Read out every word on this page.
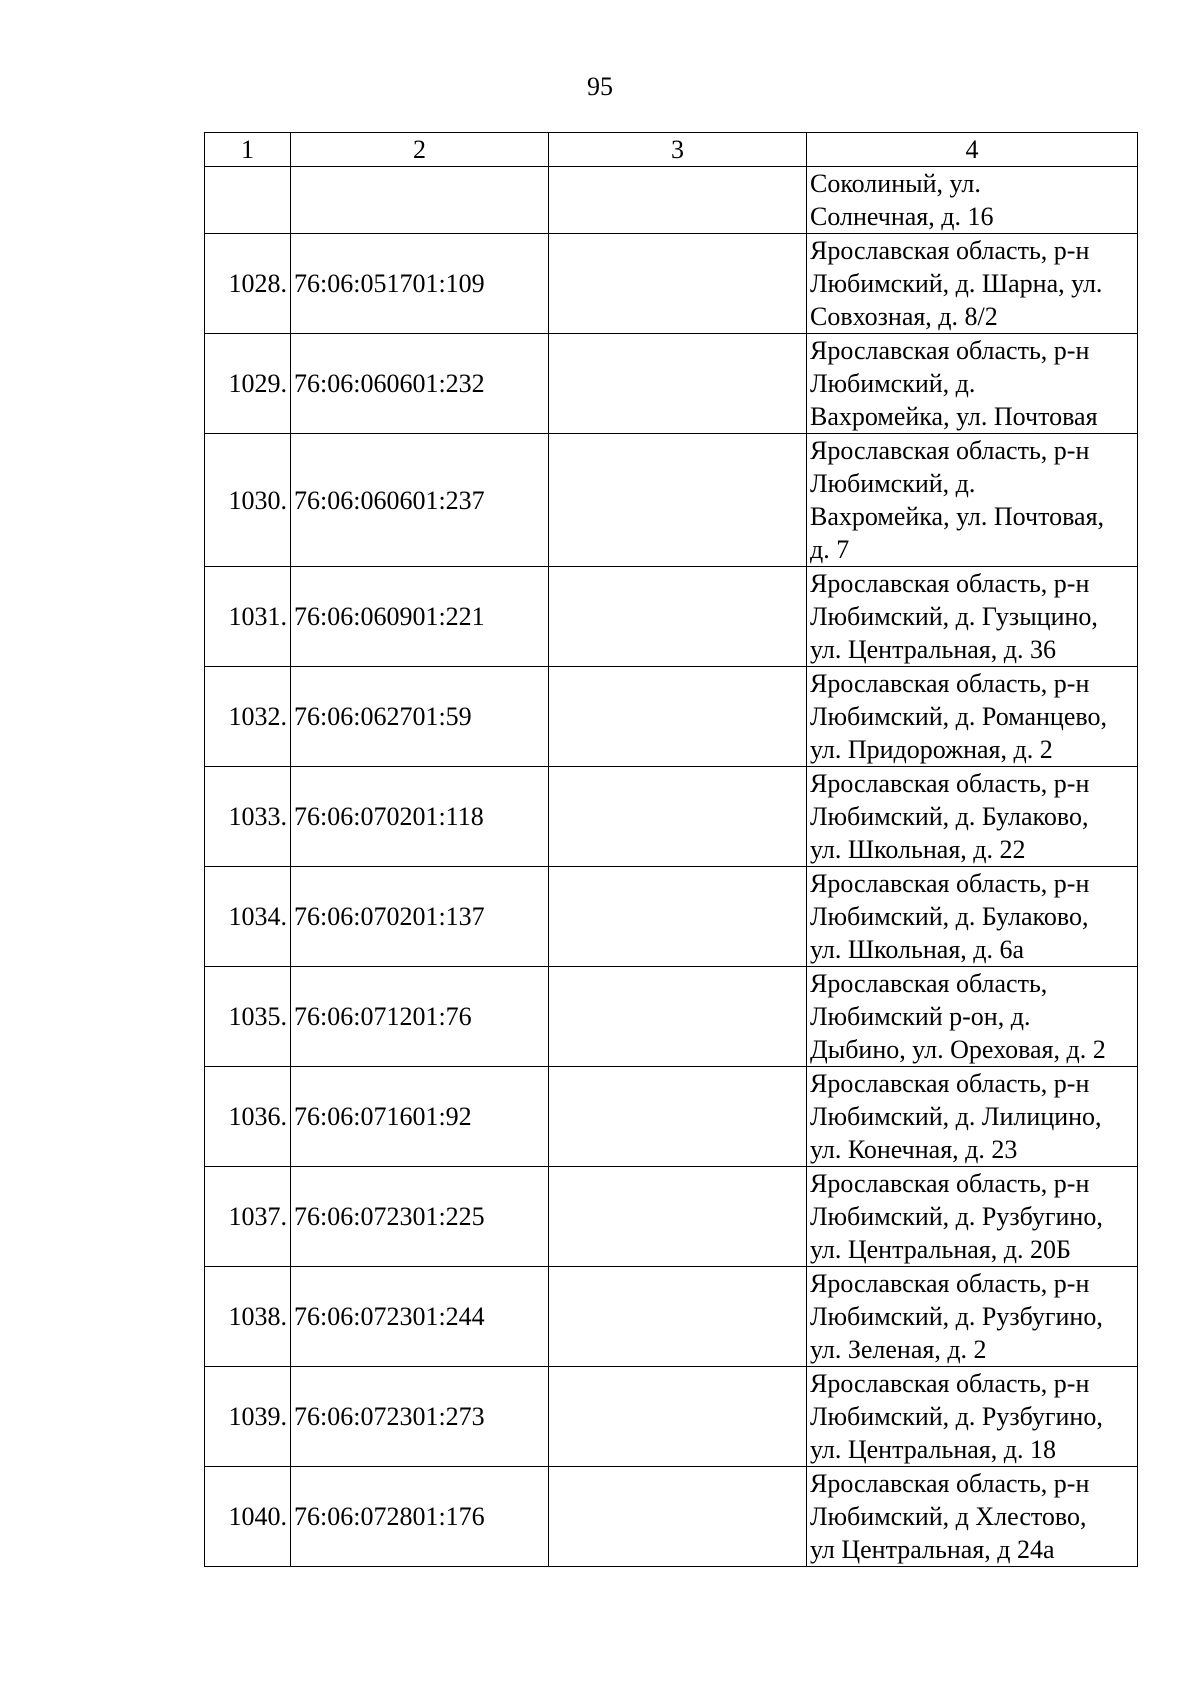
95
1	2	3	4

			Соколиный, ул.
Солнечная, д. 16

1028.	76:06:051701:109		Ярославская область, р-н
Любимский, д. Шарна, ул.
Совхозная, д. 8/2

1029.	76:06:060601:232		Ярославская область, р-н
Любимский, д.
Вахромейка, ул. Почтовая

1030.	76:06:060601:237		Ярославская область, р-н
Любимский, д.
Вахромейка, ул. Почтовая,
д. 7

1031.	76:06:060901:221		Ярославская область, р-н
Любимский, д. Гузыцино,
ул. Центральная, д. 36

1032.	76:06:062701:59		Ярославская область, р-н
Любимский, д. Романцево,
ул. Придорожная, д. 2

1033.	76:06:070201:118		Ярославская область, р-н
Любимский, д. Булаково,
ул. Школьная, д. 22

1034.	76:06:070201:137		Ярославская область, р-н
Любимский, д. Булаково,
ул. Школьная, д. 6а

1035.	76:06:071201:76		Ярославская область,
Любимский р-он, д.
Дыбино, ул. Ореховая, д. 2

1036.	76:06:071601:92		Ярославская область, р-н
Любимский, д. Лилицино,
ул. Конечная, д. 23

1037.	76:06:072301:225		Ярославская область, р-н
Любимский, д. Рузбугино,
ул. Центральная, д. 20Б

1038.	76:06:072301:244		Ярославская область, р-н
Любимский, д. Рузбугино,
ул. Зеленая, д. 2

1039.	76:06:072301:273		Ярославская область, р-н
Любимский, д. Рузбугино,
ул. Центральная, д. 18

1040.	76:06:072801:176		Ярославская область, р-н
Любимский, д Хлестово,
ул Центральная, д 24а
